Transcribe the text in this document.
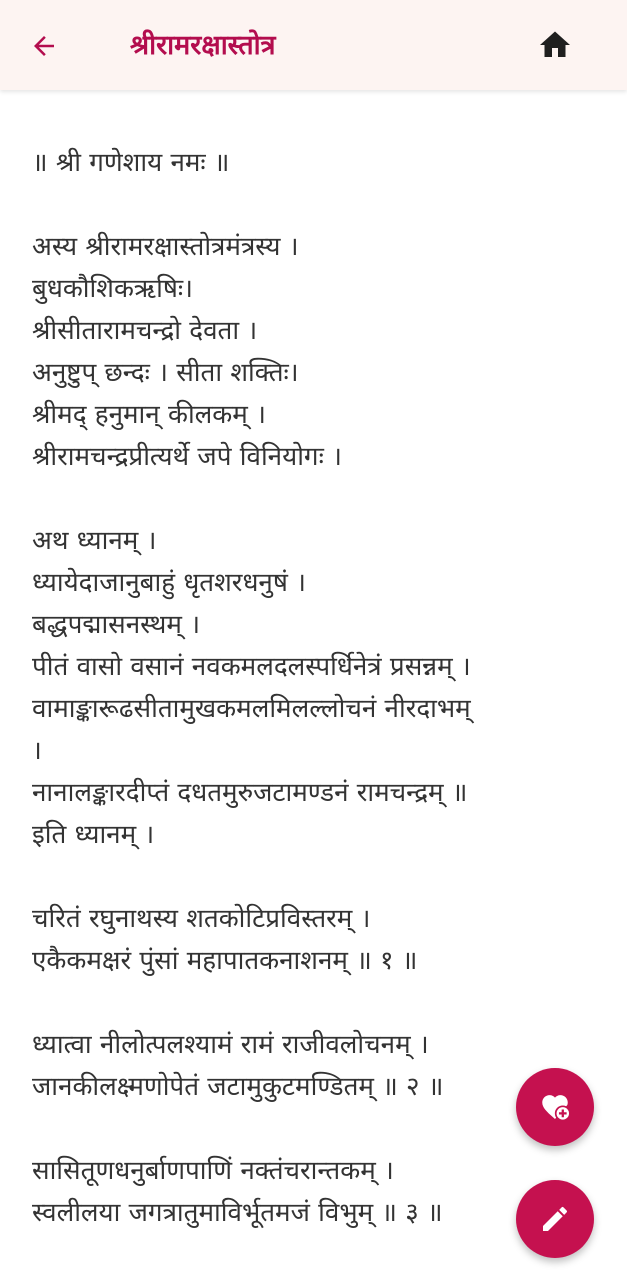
श्रीरामरक्षास्तोत्र
॥ श्री गणेशाय नमः ॥
अस्य श्रीरामरक्षास्तोत्रमंत्रस्य ।
बुधकौशिकऋषिः।
श्रीसीतारामचन्द्रो देवता ।
अनुष्टुप् छन्दः । सीता शक्तिः।
श्रीमद् हनुमान् कीलकम् ।
श्रीरामचन्द्रप्रीत्यर्थे जपे विनियोगः ।
अथ ध्यानम् ।
ध्यायेदाजानुबाहुं धृतशरधनुषं ।
बद्धपद्मासनस्थम् ।
पीतं वासो वसानं नवकमलदलस्पर्धिनेत्रं प्रसन्नम् ।
वामाङ्कारूढसीतामुखकमलमिलल्लोचनं नीरदाभम्
।
नानालङ्कारदीप्तं दधतमुरुजटामण्डनं रामचन्द्रम् ॥
इति ध्यानम् ।
चरितं रघुनाथस्य शतकोटिप्रविस्तरम् ।
एकैकमक्षरं पुंसां महापातकनाशनम् ॥ १ ॥
ध्यात्वा नीलोत्पलश्यामं रामं राजीवलोचनम् ।
जानकीलक्ष्मणोपेतं जटामुकुटमण्डितम् ॥ २ ॥
सासितूणधनुर्बाणपाणिं नक्तंचरान्तकम् ।
स्वलीलया जगत्रातुमाविर्भूतमजं विभुम् ॥ ३ ॥
